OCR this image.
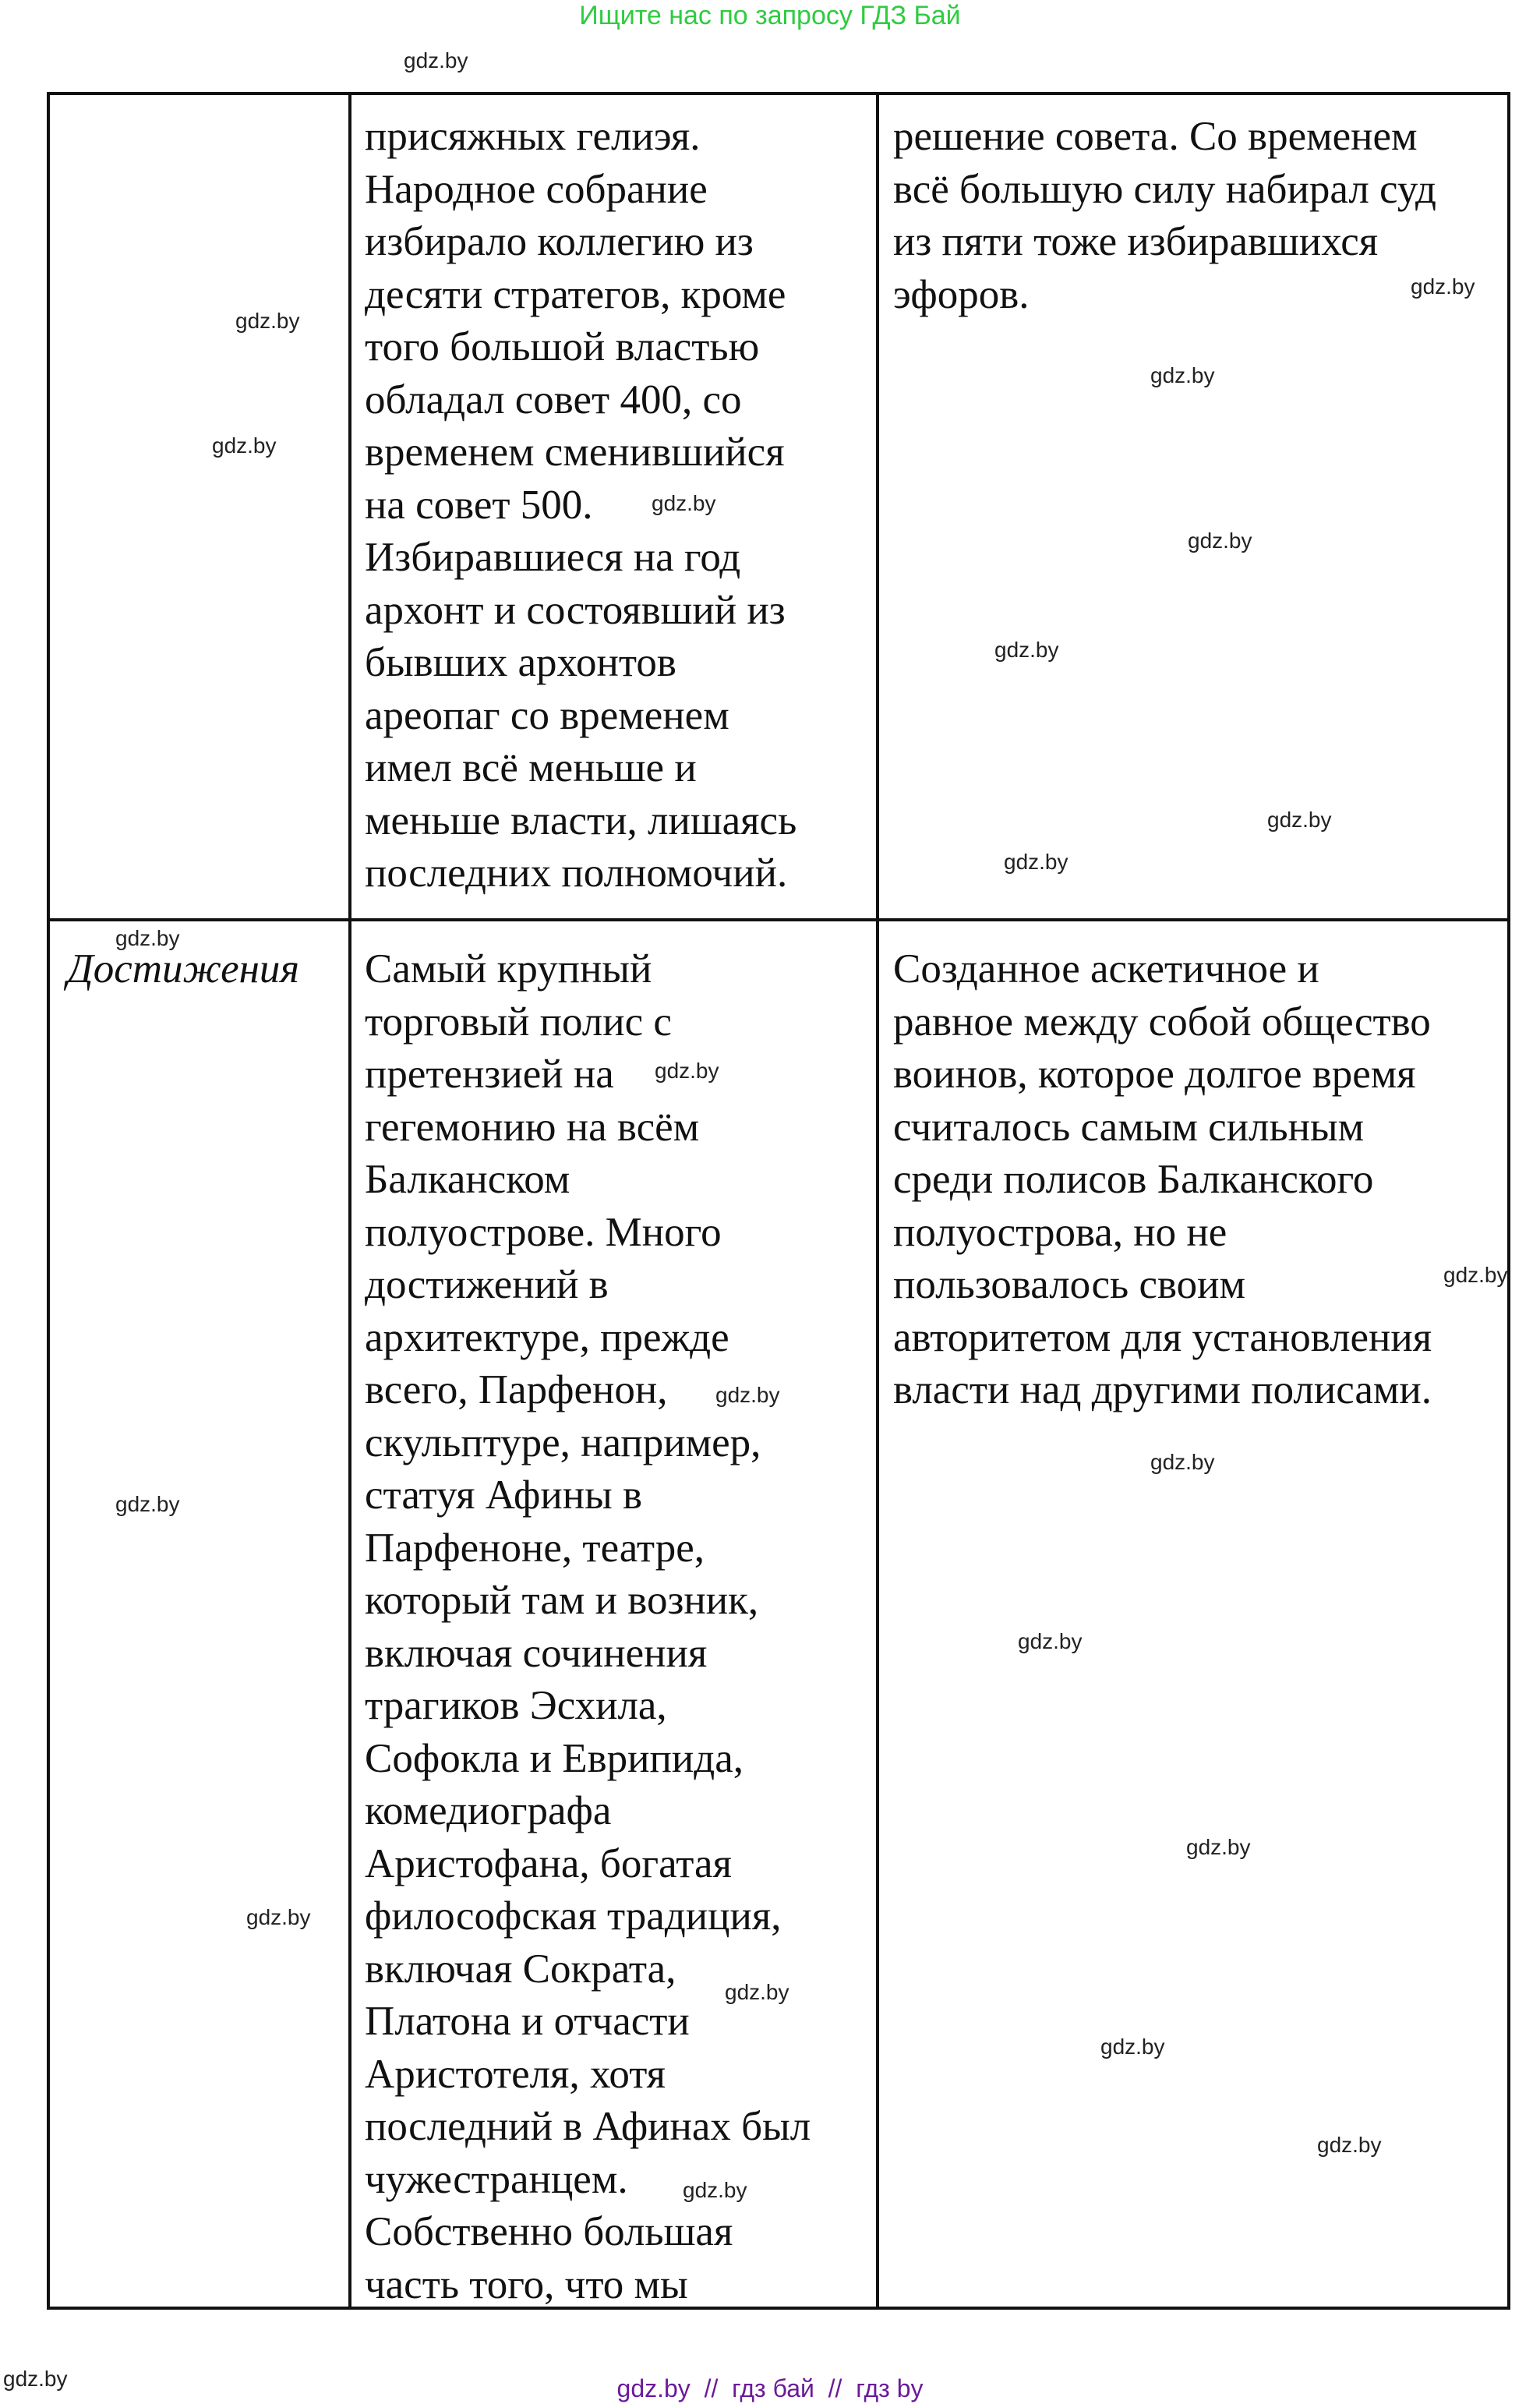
Ищите нас по запросу ГДЗ Бай
gdz.by
gdz.by
gdz.by
gdz.by
gdz.by
gdz.by
gdz.by
gdz.by
gdz.by
gdz.by
gdz.by
gdz.by
gdz.by
gdz.by
gdz.by
gdz.by
gdz.by
gdz.by
gdz.by
gdz.by
gdz.by
gdz.by
gdz.by
gdz.by
присяжных гелиэя.
Народное собрание
избирало коллегию из
десяти стратегов, кроме
того большой властью
обладал совет 400, со
временем сменившийся
на совет 500.
Избиравшиеся на год
архонт и состоявший из
бывших архонтов
ареопаг со временем
имел всё меньше и
меньше власти, лишаясь
последних полномочий.
решение совета. Со временем
всё большую силу набирал суд
из пяти тоже избиравшихся
эфоров.
Достижения Самый крупный
торговый полис с
претензией на
гегемонию на всём
Балканском
полуострове. Много
достижений в
архитектуре, прежде
всего, Парфенон,
скульптуре, например,
статуя Афины в
Парфеноне, театре,
который там и возник,
включая сочинения
трагиков Эсхила,
Софокла и Еврипида,
комедиографа
Аристофана, богатая
философская традиция,
включая Сократа,
Платона и отчасти
Аристотеля, хотя
последний в Афинах был
чужестранцем.
Собственно большая
часть того, что мы
Созданное аскетичное и
равное между собой общество
воинов, которое долгое время
считалось самым сильным
среди полисов Балканского
полуострова, но не
пользовалось своим
авторитетом для установления
власти над другими полисами.
gdz.by  //  гдз бай  //  гдз by
